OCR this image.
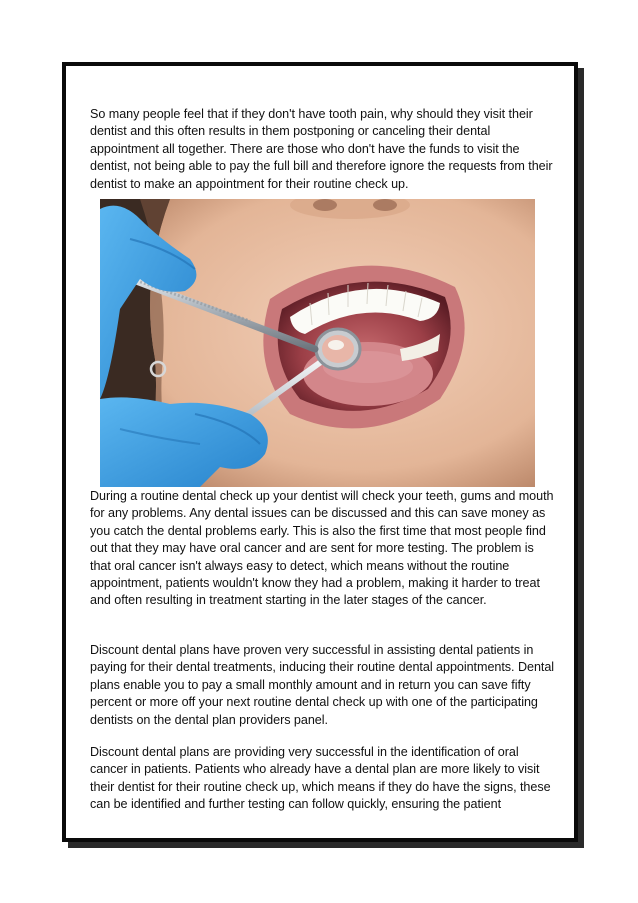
So many people feel that if they don't have tooth pain, why should they visit their dentist and this often results in them postponing or canceling their dental appointment all together. There are those who don't have the funds to visit the dentist, not being able to pay the full bill and therefore ignore the requests from their dentist to make an appointment for their routine check up.

During a routine dental check up your dentist will check your teeth, gums and mouth for any problems. Any dental issues can be discussed and this can save money as you catch the dental problems early. This is also the first time that most people find out that they may have oral cancer and are sent for more testing. The problem is that oral cancer isn't always easy to detect, which means without the routine appointment, patients wouldn't know they had a problem, making it harder to treat and often resulting in treatment starting in the later stages of the cancer.

Discount dental plans have proven very successful in assisting dental patients in paying for their dental treatments, inducing their routine dental appointments. Dental plans enable you to pay a small monthly amount and in return you can save fifty percent or more off your next routine dental check up with one of the participating dentists on the dental plan providers panel.

Discount dental plans are providing very successful in the identification of oral cancer in patients. Patients who already have a dental plan are more likely to visit their dentist for their routine check up, which means if they do have the signs, these can be identified and further testing can follow quickly, ensuring the patient
